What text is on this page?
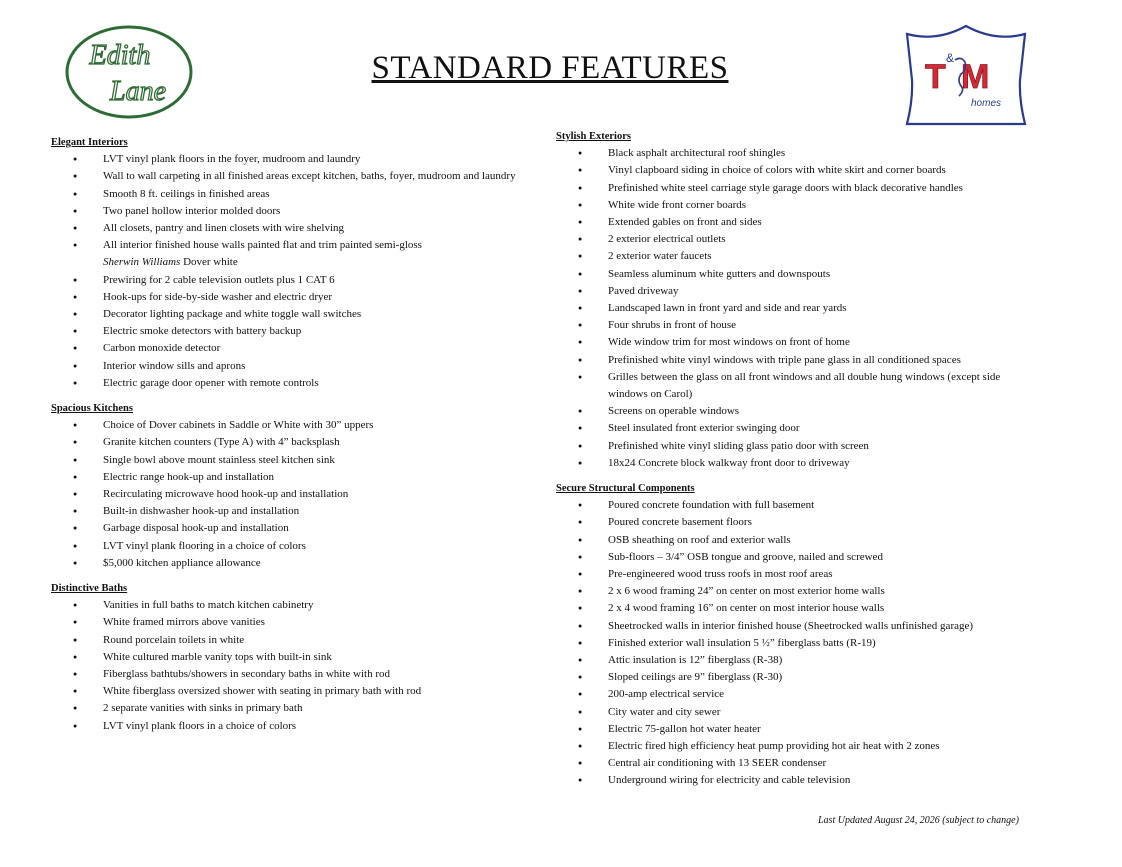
Edith
Lane
STANDARD FEATURES	T & M
homes
Elegant Interiors
● LVT vinyl plank floors in the foyer, mudroom and laundry
● Wall to wall carpeting in all finished areas except kitchen, baths, foyer, mudroom and laundry
● Smooth 8 ft. ceilings in finished areas
● Two panel hollow interior molded doors
● All closets, pantry and linen closets with wire shelving
● All interior finished house walls painted flat and trim painted semi-gloss
Sherwin Williams Dover white
● Prewiring for 2 cable television outlets plus 1 CAT 6
● Hook-ups for side-by-side washer and electric dryer
● Decorator lighting package and white toggle wall switches
● Electric smoke detectors with battery backup
● Carbon monoxide detector
● Interior window sills and aprons
● Electric garage door opener with remote controls
Spacious Kitchens
● Choice of Dover cabinets in Saddle or White with 30” uppers
● Granite kitchen counters (Type A) with 4” backsplash
● Single bowl above mount stainless steel kitchen sink
● Electric range hook-up and installation
● Recirculating microwave hood hook-up and installation
● Built-in dishwasher hook-up and installation
● Garbage disposal hook-up and installation
● LVT vinyl plank flooring in a choice of colors
● $5,000 kitchen appliance allowance
Distinctive Baths
● Vanities in full baths to match kitchen cabinetry
● White framed mirrors above vanities
● Round porcelain toilets in white
● White cultured marble vanity tops with built-in sink
● Fiberglass bathtubs/showers in secondary baths in white with rod
● White fiberglass oversized shower with seating in primary bath with rod
● 2 separate vanities with sinks in primary bath
● LVT vinyl plank floors in a choice of colors
Stylish Exteriors
● Black asphalt architectural roof shingles
● Vinyl clapboard siding in choice of colors with white skirt and corner boards
● Prefinished white steel carriage style garage doors with black decorative handles
● White wide front corner boards
● Extended gables on front and sides
● 2 exterior electrical outlets
● 2 exterior water faucets
● Seamless aluminum white gutters and downspouts
● Paved driveway
● Landscaped lawn in front yard and side and rear yards
● Four shrubs in front of house
● Wide window trim for most windows on front of home
● Prefinished white vinyl windows with triple pane glass in all conditioned spaces
● Grilles between the glass on all front windows and all double hung windows (except side windows on Carol)
● Screens on operable windows
● Steel insulated front exterior swinging door
● Prefinished white vinyl sliding glass patio door with screen
● 18x24 Concrete block walkway front door to driveway
Secure Structural Components
● Poured concrete foundation with full basement
● Poured concrete basement floors
● OSB sheathing on roof and exterior walls
● Sub-floors – 3/4” OSB tongue and groove, nailed and screwed
● Pre-engineered wood truss roofs in most roof areas
● 2 x 6 wood framing 24” on center on most exterior home walls
● 2 x 4 wood framing 16” on center on most interior house walls
● Sheetrocked walls in interior finished house (Sheetrocked walls unfinished garage)
● Finished exterior wall insulation 5 ½” fiberglass batts (R-19)
● Attic insulation is 12” fiberglass (R-38)
● Sloped ceilings are 9” fiberglass (R-30)
● 200-amp electrical service
● City water and city sewer
● Electric 75-gallon hot water heater
● Electric fired high efficiency heat pump providing hot air heat with 2 zones
● Central air conditioning with 13 SEER condenser
● Underground wiring for electricity and cable television
Last Updated August 24, 2026 (subject to change)
